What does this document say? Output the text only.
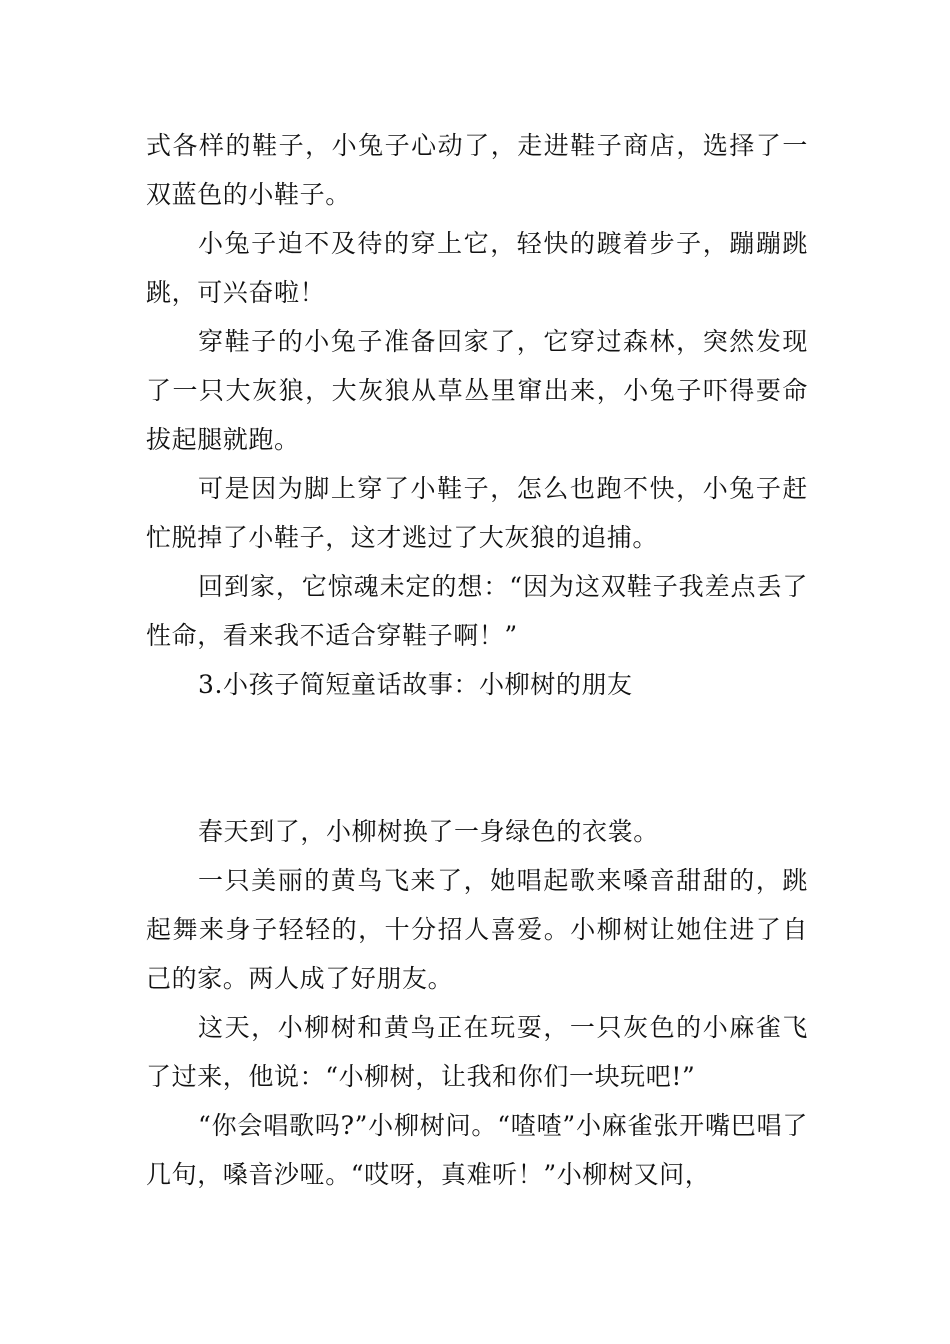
式各样的鞋子，小兔子心动了，走进鞋子商店，选择了一双蓝色的小鞋子。

小兔子迫不及待的穿上它，轻快的踱着步子，蹦蹦跳跳，可兴奋啦！

穿鞋子的小兔子准备回家了，它穿过森林，突然发现了一只大灰狼，大灰狼从草丛里窜出来，小兔子吓得要命拔起腿就跑。

可是因为脚上穿了小鞋子，怎么也跑不快，小兔子赶忙脱掉了小鞋子，这才逃过了大灰狼的追捕。

回到家，它惊魂未定的想：“因为这双鞋子我差点丢了性命，看来我不适合穿鞋子啊！”

3.小孩子简短童话故事：小柳树的朋友

春天到了，小柳树换了一身绿色的衣裳。

一只美丽的黄鸟飞来了，她唱起歌来嗓音甜甜的，跳起舞来身子轻轻的，十分招人喜爱。小柳树让她住进了自己的家。两人成了好朋友。

这天，小柳树和黄鸟正在玩耍，一只灰色的小麻雀飞了过来，他说：“小柳树，让我和你们一块玩吧!”

“你会唱歌吗?”小柳树问。“喳喳”小麻雀张开嘴巴唱了几句，嗓音沙哑。“哎呀，真难听！”小柳树又问，
